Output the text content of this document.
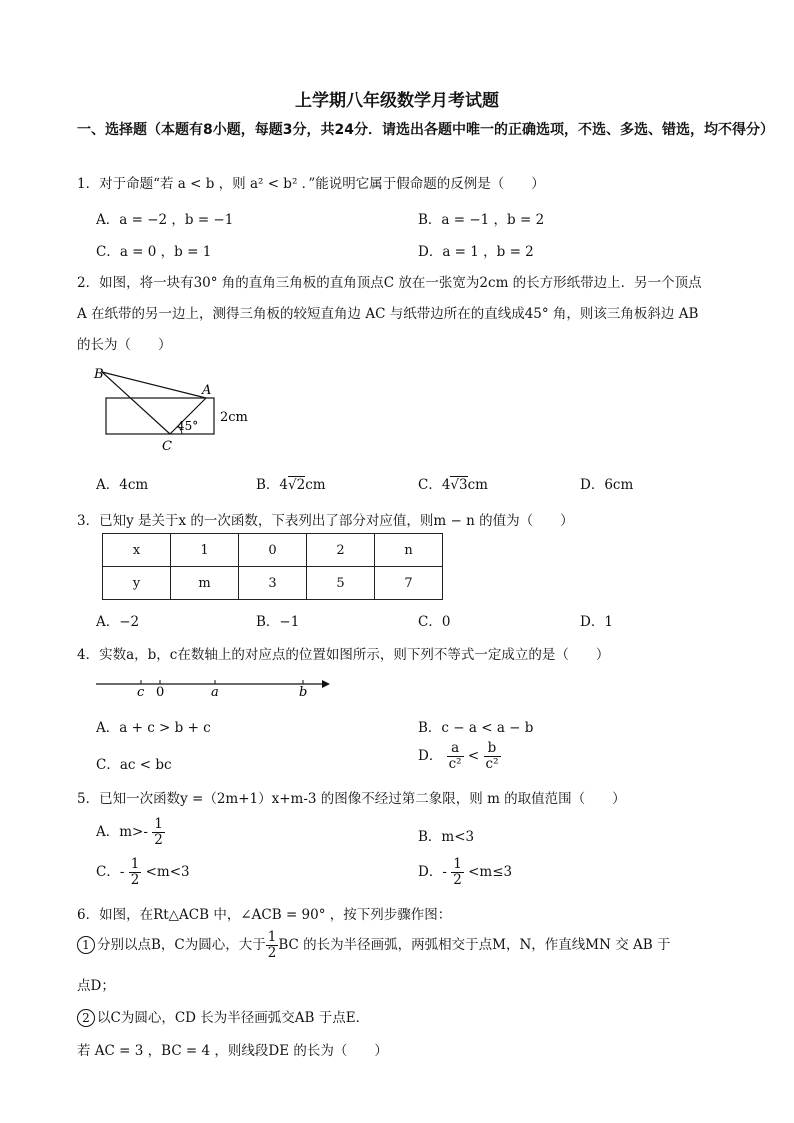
上学期八年级数学月考试题
一、选择题（本题有8小题，每题3分，共24分．请选出各题中唯一的正确选项，不选、多选、错选，均不得分）
1．对于命题“若 a < b ，则 a² < b² ．”能说明它属于假命题的反例是（　　）
A．a = −2 ，b = −1	B．a = −1 ，b = 2
C．a = 0 ，b = 1	D．a = 1 ，b = 2
2．如图，将一块有30° 角的直角三角板的直角顶点C 放在一张宽为2cm 的长方形纸带边上．另一个顶点
A 在纸带的另一边上，测得三角板的较短直角边 AC 与纸带边所在的直线成45° 角，则该三角板斜边 AB
的长为（　　）
B
A
C
45°
2cm
A．4cm	B．4√2cm	C．4√3cm	D．6cm
3．已知y 是关于x 的一次函数，下表列出了部分对应值，则m − n 的值为（　　）
x	1	0	2	n
y	m	3	5	7
A．−2	B．−1	C．0	D．1
4．实数a，b，c在数轴上的对应点的位置如图所示，则下列不等式一定成立的是（　　）
c 0	a	b
A．a + c > b + c	B．c − a < a − b
C．ac < bc
D． $\frac{a}{\text{c²}} < \frac{b}{\text{c²}}$
5．已知一次函数y =（2m+1）x+m-3 的图像不经过第二象限，则 m 的取值范围（　　）
A．$m>- \frac{1}{2}$	B．m<3
C．- $\frac{1}{2} <m<3$	D．- $\frac{1}{2} <m\le 3$
6．如图，在Rt△ACB 中，∠ACB = 90° ，按下列步骤作图：
1 分别以点B，C为圆心，大于 $\frac{1}{2}$ BC 的长为半径画弧，两弧相交于点M，N，作直线MN 交 AB 于
点D；
2 以C为圆心，CD 长为半径画弧交AB 于点E．
若 AC = 3 ，BC = 4 ，则线段DE 的长为（　　）
